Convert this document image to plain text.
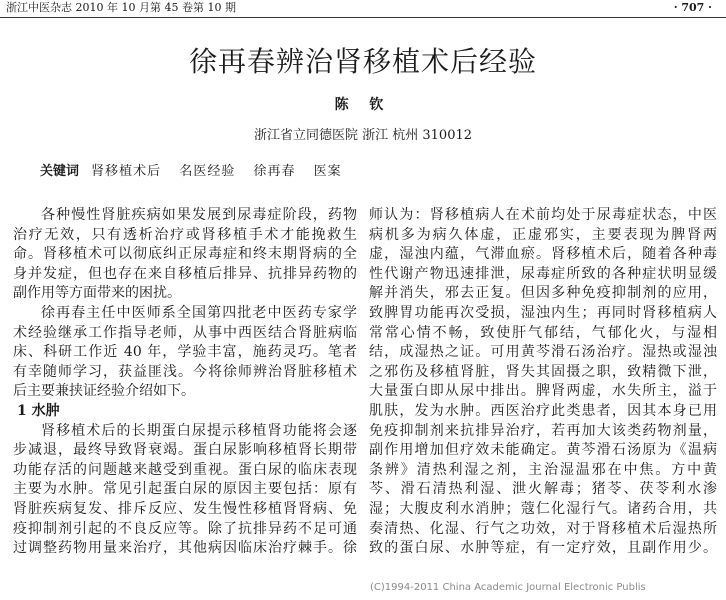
浙江中医杂志 2010 年 10 月第 45 卷第 10 期	· 707 ·
徐再春辨治肾移植术后经验
陈 钦
浙江省立同德医院 浙江 杭州 310012
关键词 肾移植术后 名医经验 徐再春 医案
各种慢性肾脏疾病如果发展到尿毒症阶段，药物
治疗无效，只有透析治疗或肾移植手术才能挽救生
命。肾移植术可以彻底纠正尿毒症和终末期肾病的全
身并发症，但也存在来自移植后排异、抗排异药物的
副作用等方面带来的困扰。
徐再春主任中医师系全国第四批老中医药专家学
术经验继承工作指导老师，从事中西医结合肾脏病临
床、科研工作近 40 年，学验丰富，施药灵巧。笔者
有幸随师学习，获益匪浅。今将徐师辨治肾脏移植术
后主要兼挟证经验介绍如下。
1 水肿
肾移植术后的长期蛋白尿提示移植肾功能将会逐
步减退，最终导致肾衰竭。蛋白尿影响移植肾长期带
功能存活的问题越来越受到重视。蛋白尿的临床表现
主要为水肿。常见引起蛋白尿的原因主要包括：原有
肾脏疾病复发、排斥反应、发生慢性移植肾肾病、免
疫抑制剂引起的不良反应等。除了抗排异药不足可通
过调整药物用量来治疗，其他病因临床治疗棘手。徐
师认为：肾移植病人在术前均处于尿毒症状态，中医
病机多为病久体虚，正虚邪实，主要表现为脾肾两
虚，湿浊内蕴，气滞血瘀。肾移植术后，随着各种毒
性代谢产物迅速排泄，尿毒症所致的各种症状明显缓
解并消失，邪去正复。但因多种免疫抑制剂的应用，
致脾胃功能再次受损，湿浊内生；再同时肾移植病人
常常心情不畅，致使肝气郁结，气郁化火，与湿相
结，成湿热之证。可用黄芩滑石汤治疗。湿热或湿浊
之邪伤及移植肾脏，肾失其固摄之职，致精微下泄，
大量蛋白即从尿中排出。脾肾两虚，水失所主，溢于
肌肤，发为水肿。西医治疗此类患者，因其本身已用
免疫抑制剂来抗排异治疗，若再加大该类药物剂量，
副作用增加但疗效未能确定。黄芩滑石汤原为《温病
条辨》清热利湿之剂，主治湿温邪在中焦。方中黄
芩、滑石清热利湿、泄火解毒；猪苓、茯苓利水渗
湿；大腹皮利水消肿；蔻仁化湿行气。诸药合用，共
奏清热、化湿、行气之功效，对于肾移植术后湿热所
致的蛋白尿、水肿等症，有一定疗效，且副作用少。
(C)1994-2011 China Academic Journal Electronic Publis
